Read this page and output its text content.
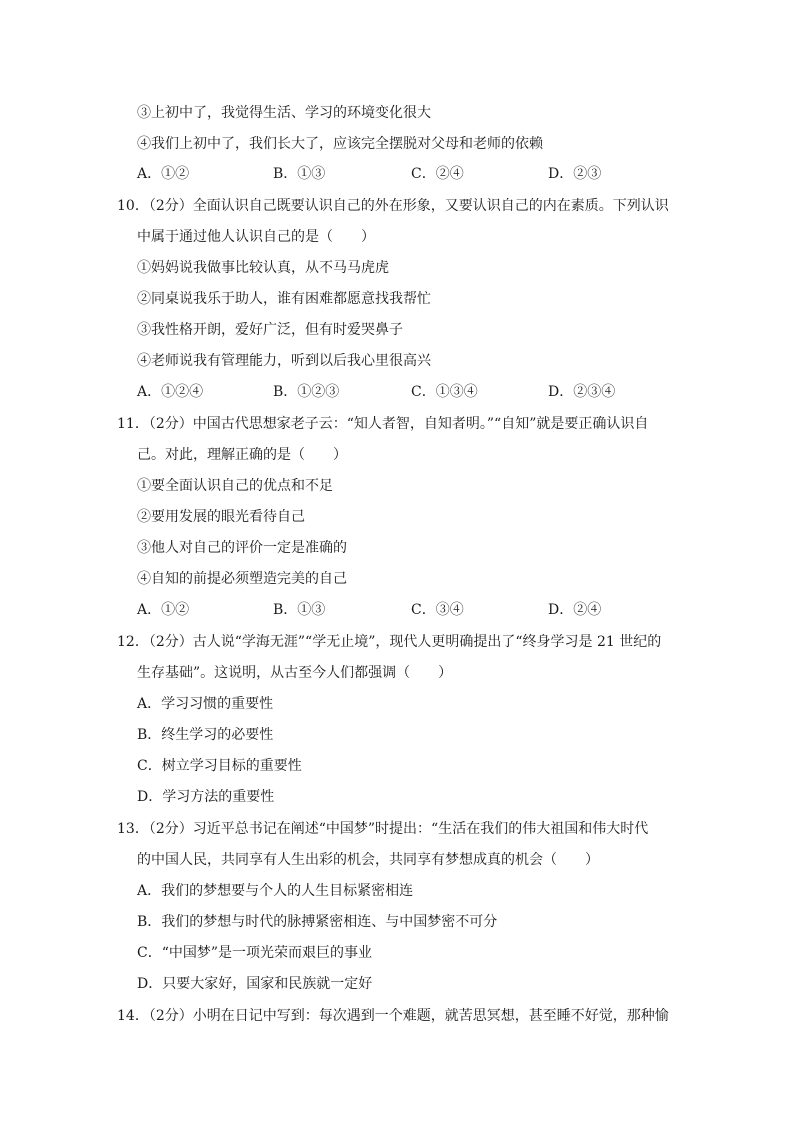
③上初中了，我觉得生活、学习的环境变化很大
④我们上初中了，我们长大了，应该完全摆脱对父母和老师的依赖
A．①②	B．①③	C．②④	D．②③
10．（2分）全面认识自己既要认识自己的外在形象，又要认识自己的内在素质。下列认识
中属于通过他人认识自己的是（　　）
①妈妈说我做事比较认真，从不马马虎虎
②同桌说我乐于助人，谁有困难都愿意找我帮忙
③我性格开朗，爱好广泛，但有时爱哭鼻子
④老师说我有管理能力，听到以后我心里很高兴
A．①②④	B．①②③	C．①③④	D．②③④
11．（2分）中国古代思想家老子云：“知人者智，自知者明。”“自知”就是要正确认识自
己。对此，理解正确的是（　　）
①要全面认识自己的优点和不足
②要用发展的眼光看待自己
③他人对自己的评价一定是准确的
④自知的前提必须塑造完美的自己
A．①②	B．①③	C．③④	D．②④
12．（2分）古人说“学海无涯”“学无止境”，现代人更明确提出了“终身学习是 21 世纪的
生存基础”。这说明，从古至今人们都强调（　　）
A．学习习惯的重要性
B．终生学习的必要性
C．树立学习目标的重要性
D．学习方法的重要性
13．（2分）习近平总书记在阐述“中国梦”时提出：“生活在我们的伟大祖国和伟大时代
的中国人民，共同享有人生出彩的机会，共同享有梦想成真的机会（　　）
A．我们的梦想要与个人的人生目标紧密相连
B．我们的梦想与时代的脉搏紧密相连、与中国梦密不可分
C．“中国梦”是一项光荣而艰巨的事业
D．只要大家好，国家和民族就一定好
14．（2分）小明在日记中写到：每次遇到一个难题，就苦思冥想，甚至睡不好觉，那种愉
